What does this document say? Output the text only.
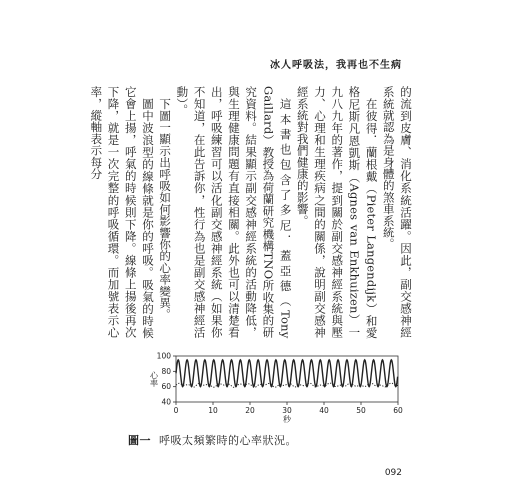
冰人呼吸法，我再也不生病

的流到皮膚、消化系統活躍。因此，副交感神經系統就認為是身體的煞車系統。

在彼得．蘭根戴（Pieter Langendijk）和愛格尼斯凡恩凱斯（Agnes van Enkhuizen）一九八九年的著作，提到關於副交感神經系統與壓力、心理和生理疾病之間的關係，說明副交感神經系統對我們健康的影響。

這本書也包含了多尼．蓋亞德（Tony Gaillard）教授為荷蘭研究機構TNO所收集的研究資料。結果顯示副交感神經系統的活動降低，與生理健康問題有直接相關。此外也可以清楚看出，呼吸練習可以活化副交感神經系統（如果你不知道，在此告訴你，性行為也是副交感神經活動）。

下圖一顯示出呼吸如何影響你的心率變異。

圖中波浪型的線條就是你的呼吸。吸氣的時候它會上揚，呼氣的時候則下降。線條上揚後再次下降，就是一次完整的呼吸循環。而加號表示心率，縱軸表示每分

0	10	20	30	40	50	60
40
60
80
100
心率
秒
圖一 呼吸太頻繁時的心率狀況。
092
